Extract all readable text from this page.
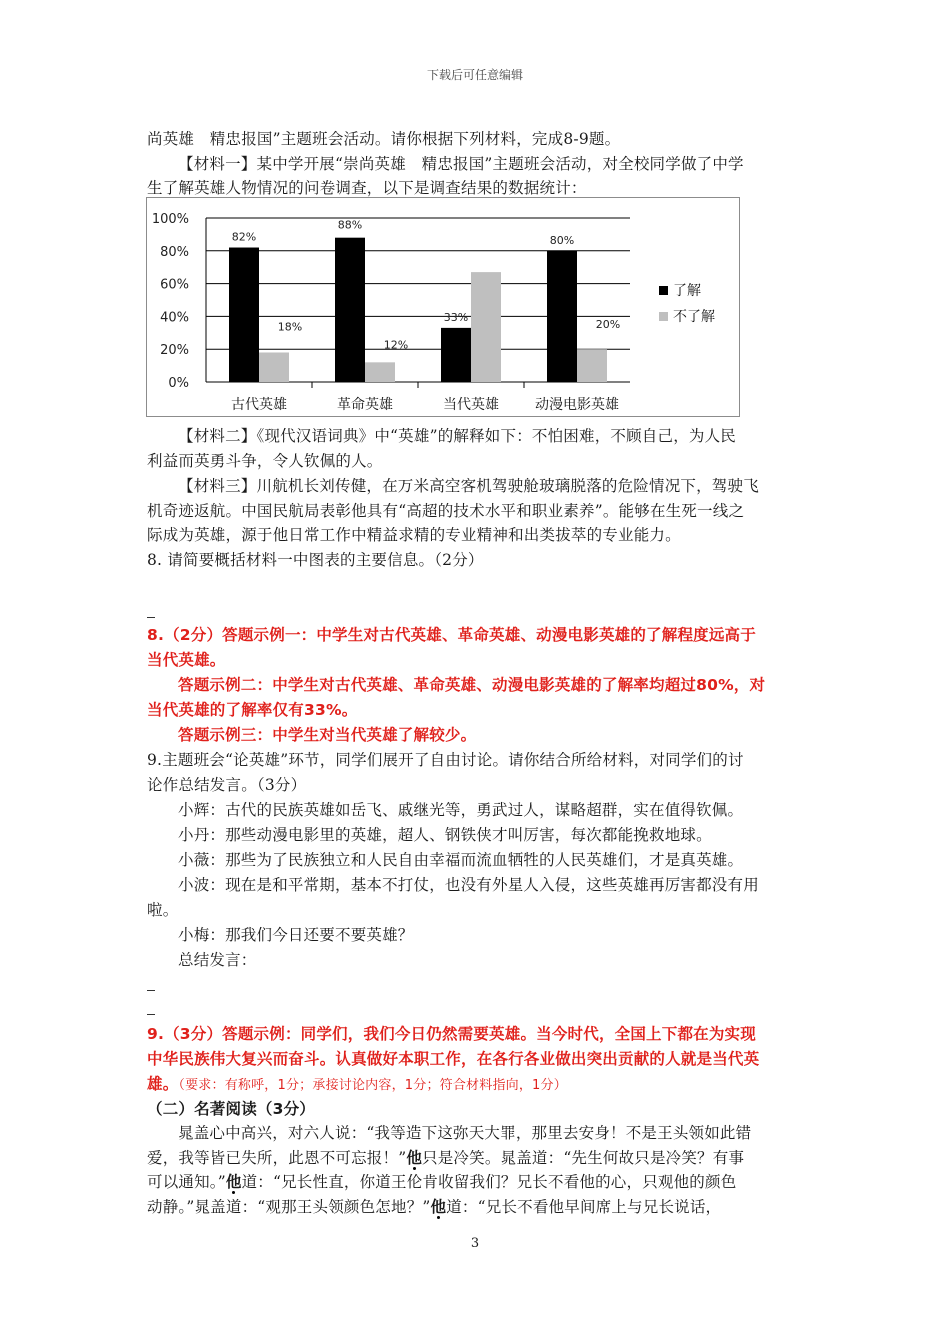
下载后可任意编辑
尚英雄　精忠报国”主题班会活动。请你根据下列材料，完成8-9题。
【材料一】某中学开展“崇尚英雄　精忠报国”主题班会活动，对全校同学做了中学
生了解英雄人物情况的问卷调查，以下是调查结果的数据统计：
0%
20%
40%
60%
80%
100%
古代英雄
82%
18%
革命英雄
88%
12%
当代英雄
33%
动漫电影英雄
80%
20%
了解
不了解
【材料二】《现代汉语词典》中“英雄”的解释如下：不怕困难，不顾自己，为人民
利益而英勇斗争，令人钦佩的人。
【材料三】川航机长刘传健，在万米高空客机驾驶舱玻璃脱落的危险情况下，驾驶飞
机奇迹返航。中国民航局表彰他具有“高超的技术水平和职业素养”。能够在生死一线之
际成为英雄，源于他日常工作中精益求精的专业精神和出类拔萃的专业能力。
8. 请简要概括材料一中图表的主要信息。（2分）
8.（2分）答题示例一：中学生对古代英雄、革命英雄、动漫电影英雄的了解程度远高于
当代英雄。
答题示例二：中学生对古代英雄、革命英雄、动漫电影英雄的了解率均超过80%，对
当代英雄的了解率仅有33%。
答题示例三：中学生对当代英雄了解较少。
9.主题班会“论英雄”环节，同学们展开了自由讨论。请你结合所给材料，对同学们的讨
论作总结发言。（3分）
小辉：古代的民族英雄如岳飞、戚继光等，勇武过人，谋略超群，实在值得钦佩。
小丹：那些动漫电影里的英雄，超人、钢铁侠才叫厉害，每次都能挽救地球。
小薇：那些为了民族独立和人民自由幸福而流血牺牲的人民英雄们，才是真英雄。
小波：现在是和平常期，基本不打仗，也没有外星人入侵，这些英雄再厉害都没有用
啦。
小梅：那我们今日还要不要英雄？
总结发言：
9.（3分）答题示例：同学们，我们今日仍然需要英雄。当今时代，全国上下都在为实现
中华民族伟大复兴而奋斗。认真做好本职工作，在各行各业做出突出贡献的人就是当代英
雄。（要求：有称呼，1分；承接讨论内容，1分；符合材料指向，1分）
（二）名著阅读（3分）
晁盖心中高兴，对六人说：“我等造下这弥天大罪，那里去安身！不是王头领如此错
爱，我等皆已失所，此恩不可忘报！”他只是冷笑。晁盖道：“先生何故只是冷笑？有事
可以通知。”他道：“兄长性直，你道王伦肯收留我们？兄长不看他的心，只观他的颜色
动静。”晁盖道：“观那王头领颜色怎地？”他道：“兄长不看他早间席上与兄长说话，
3
